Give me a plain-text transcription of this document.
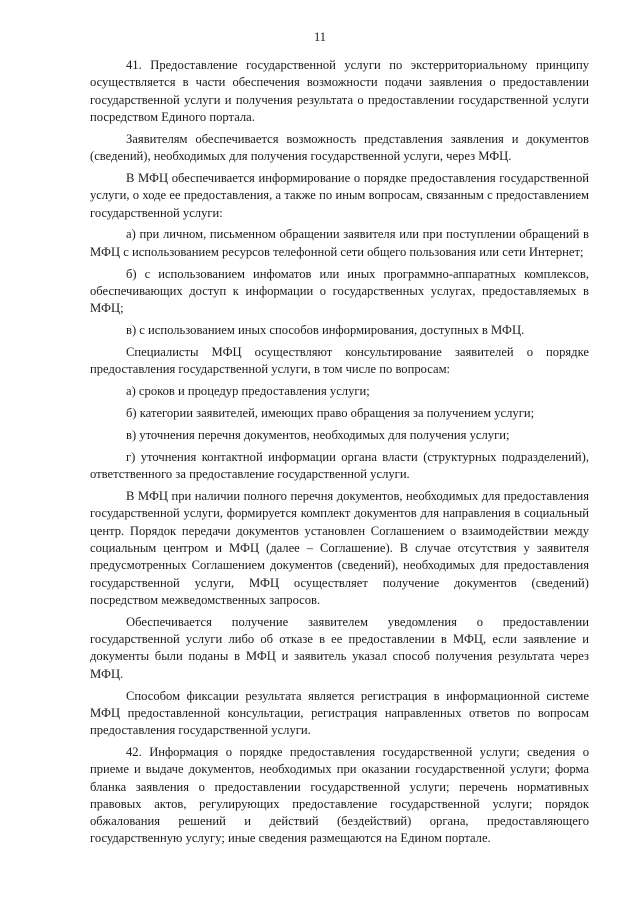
11

41. Предоставление государственной услуги по экстерриториальному принципу осуществляется в части обеспечения возможности подачи заявления о предоставлении государственной услуги и получения результата о предоставлении государственной услуги посредством Единого портала.

Заявителям обеспечивается возможность представления заявления и документов (сведений), необходимых для получения государственной услуги, через МФЦ.

В МФЦ обеспечивается информирование о порядке предоставления государственной услуги, о ходе ее предоставления, а также по иным вопросам, связанным с предоставлением государственной услуги:

а) при личном, письменном обращении заявителя или при поступлении обращений в МФЦ с использованием ресурсов телефонной сети общего пользования или сети Интернет;

б) с использованием инфоматов или иных программно-аппаратных комплексов, обеспечивающих доступ к информации о государственных услугах, предоставляемых в МФЦ;

в) с использованием иных способов информирования, доступных в МФЦ.

Специалисты МФЦ осуществляют консультирование заявителей о порядке предоставления государственной услуги, в том числе по вопросам:

а) сроков и процедур предоставления услуги;

б) категории заявителей, имеющих право обращения за получением услуги;

в) уточнения перечня документов, необходимых для получения услуги;

г) уточнения контактной информации органа власти (структурных подразделений), ответственного за предоставление государственной услуги.

В МФЦ при наличии полного перечня документов, необходимых для предоставления государственной услуги, формируется комплект документов для направления в социальный центр. Порядок передачи документов установлен Соглашением о взаимодействии между социальным центром и МФЦ (далее – Соглашение). В случае отсутствия у заявителя предусмотренных Соглашением документов (сведений), необходимых для предоставления государственной услуги, МФЦ осуществляет получение документов (сведений) посредством межведомственных запросов.

Обеспечивается получение заявителем уведомления о предоставлении государственной услуги либо об отказе в ее предоставлении в МФЦ, если заявление и документы были поданы в МФЦ и заявитель указал способ получения результата через МФЦ.

Способом фиксации результата является регистрация в информационной системе МФЦ предоставленной консультации, регистрация направленных ответов по вопросам предоставления государственной услуги.

42. Информация о порядке предоставления государственной услуги; сведения о приеме и выдаче документов, необходимых при оказании государственной услуги; форма бланка заявления о предоставлении государственной услуги; перечень нормативных правовых актов, регулирующих предоставление государственной услуги; порядок обжалования решений и действий (бездействий) органа, предоставляющего государственную услугу; иные сведения размещаются на Едином портале.
